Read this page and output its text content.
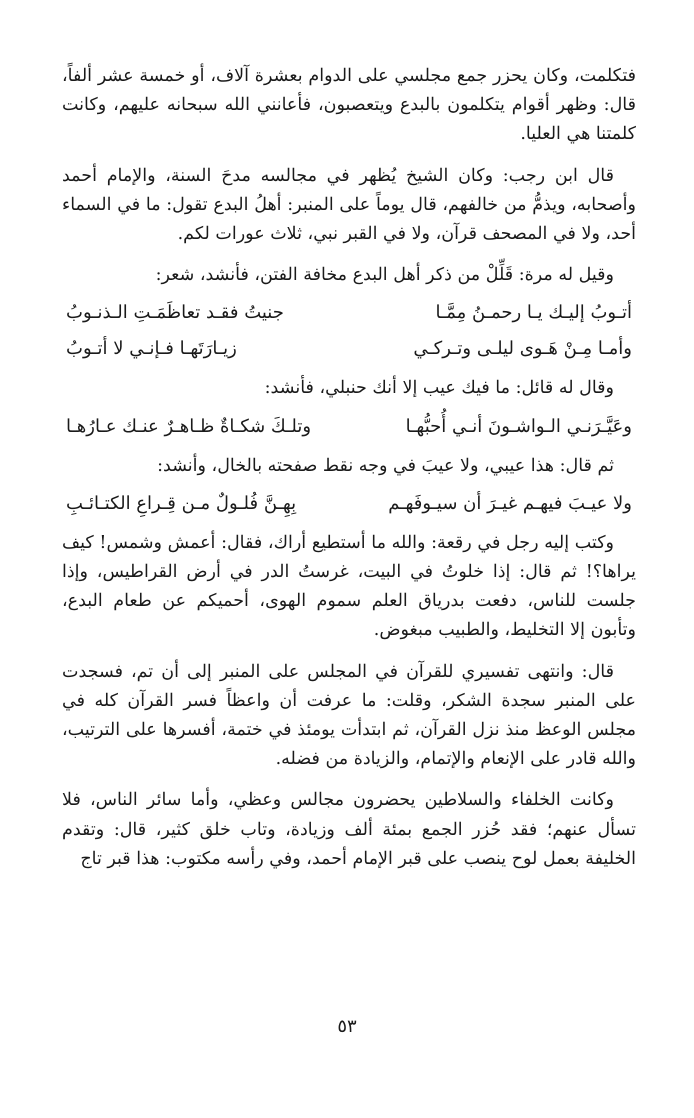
فتكلمت، وكان يحزر جمع مجلسي على الدوام بعشرة آلاف، أو خمسة عشر ألفاً، قال: وظهر أقوام يتكلمون بالبدع ويتعصبون، فأعانني الله سبحانه عليهم، وكانت كلمتنا هي العليا.

قال ابن رجب: وكان الشيخ يُظهر في مجالسه مدحَ السنة، والإمام أحمد وأصحابه، ويذمُّ من خالفهم، قال يوماً على المنبر: أهلُ البدع تقول: ما في السماء أحد، ولا في المصحف قرآن، ولا في القبر نبي، ثلاث عورات لكم.

وقيل له مرة: قَلِّلْ من ذكر أهل البدع مخافة الفتن، فأنشد، شعر:

أتـوبُ إليـك يـا رحمـنُ مِمَّـا
جنيتُ فقـد تعاظَمَـتِ الـذنـوبُ
وأمـا مِـنْ هَـوى ليلـى وتـركـي
زيـارَتَهـا فـإنـي لا أتـوبُ

وقال له قائل: ما فيك عيب إلا أنك حنبلي، فأنشد:

وعَيَّـرَنـي الـواشـونَ أنـي أُحبُّهـا
وتلـكَ شكـاةٌ ظـاهـرٌ عنـك عـارُهـا

ثم قال: هذا عيبي، ولا عيبَ في وجه نقط صفحته بالخال، وأنشد:

ولا عيـبَ فيهـم غيـرَ أن سيـوفَهـم
بِهِـنَّ فُلـولٌ مـن قِـراعِ الكتـائـبِ

وكتب إليه رجل في رقعة: والله ما أستطيع أراك، فقال: أعمش وشمس! كيف يراها؟! ثم قال: إذا خلوتُ في البيت، غرستُ الدر في أرض القراطيس، وإذا جلست للناس، دفعت بدرياق العلم سموم الهوى، أحميكم عن طعام البدع، وتأبون إلا التخليط، والطبيب مبغوض.

قال: وانتهى تفسيري للقرآن في المجلس على المنبر إلى أن تم، فسجدت على المنبر سجدة الشكر، وقلت: ما عرفت أن واعظاً فسر القرآن كله في مجلس الوعظ منذ نزل القرآن، ثم ابتدأت يومئذ في ختمة، أفسرها على الترتيب، والله قادر على الإنعام والإتمام، والزيادة من فضله.

وكانت الخلفاء والسلاطين يحضرون مجالس وعظي، وأما سائر الناس، فلا تسأل عنهم؛ فقد حُزر الجمع بمئة ألف وزيادة، وتاب خلق كثير، قال: وتقدم الخليفة بعمل لوح ينصب على قبر الإمام أحمد، وفي رأسه مكتوب: هذا قبر تاج

٥٣
